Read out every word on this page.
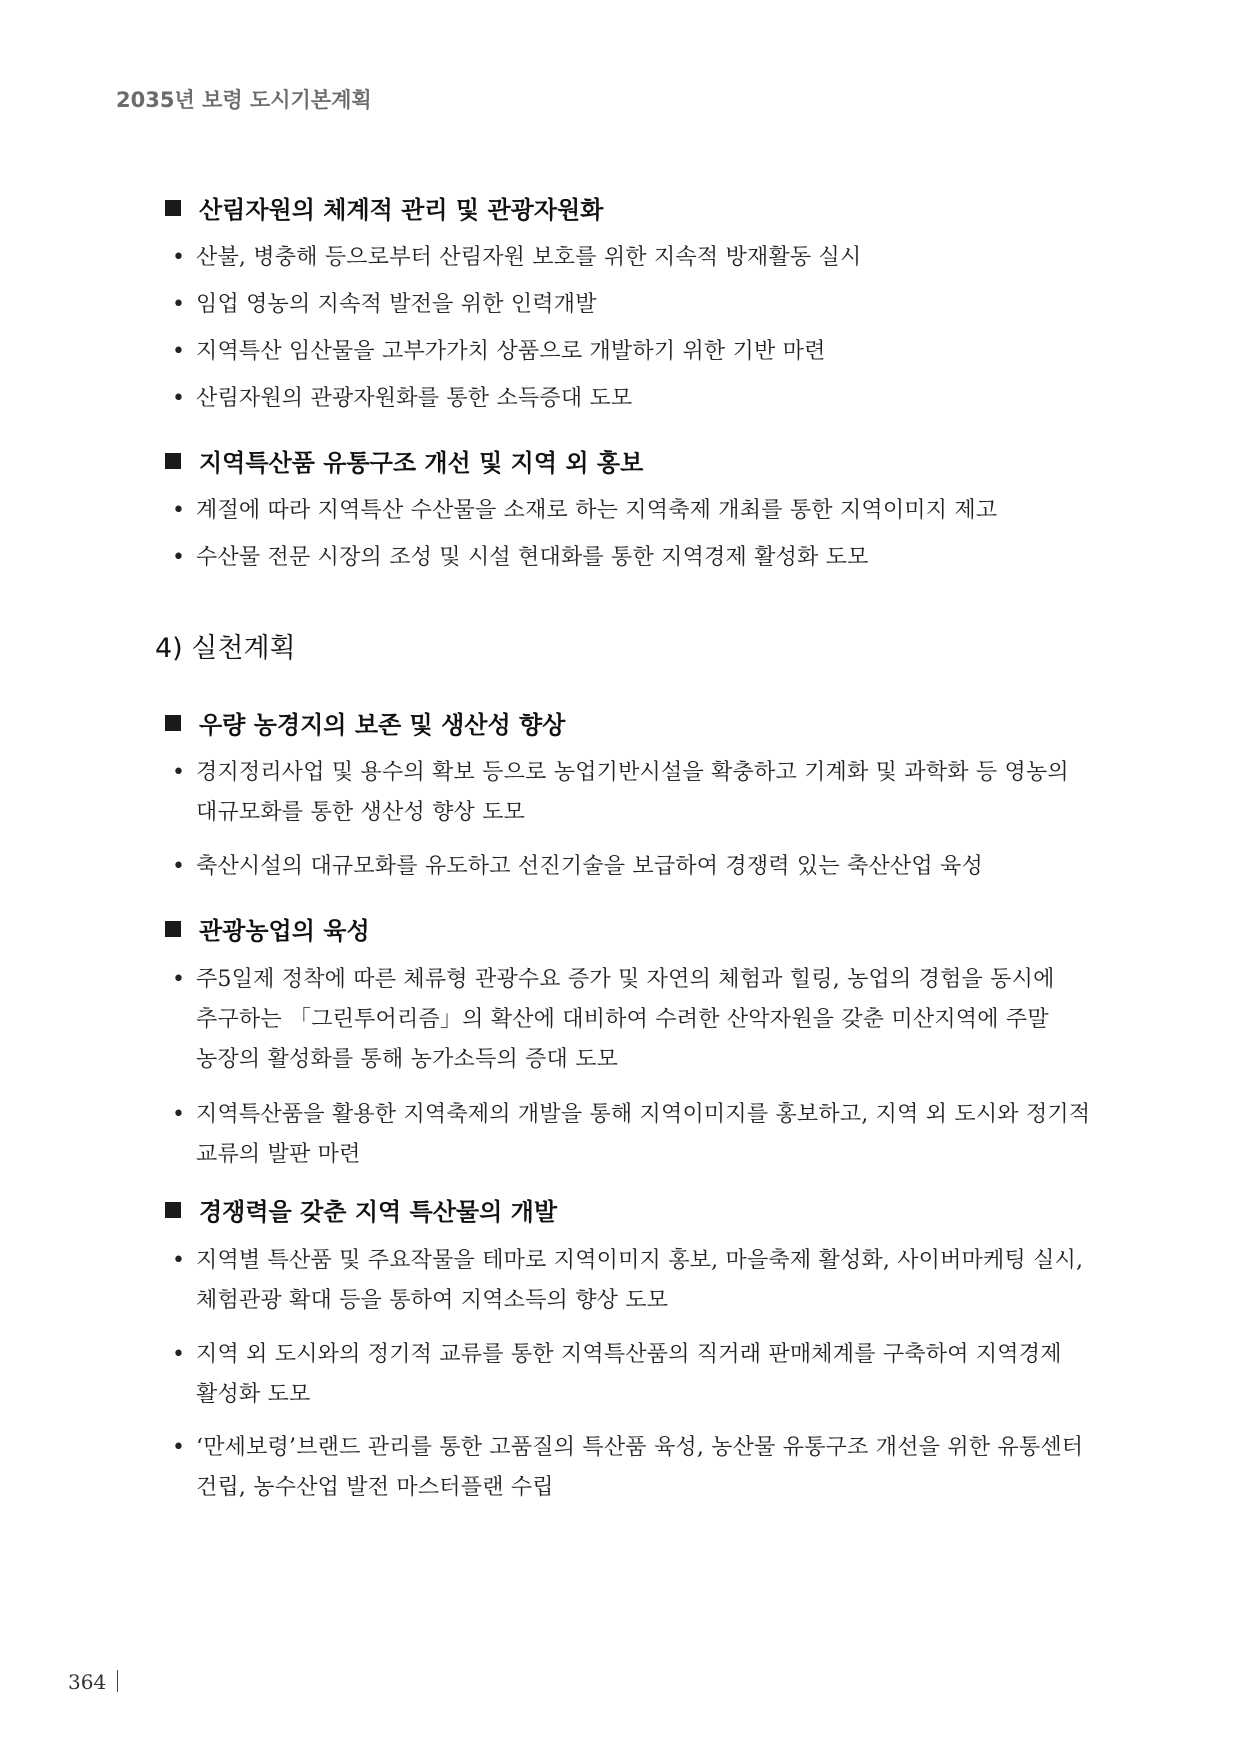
2035년 보령 도시기본계획
산림자원의 체계적 관리 및 관광자원화
• 산불, 병충해 등으로부터 산림자원 보호를 위한 지속적 방재활동 실시
• 임업 영농의 지속적 발전을 위한 인력개발
• 지역특산 임산물을 고부가가치 상품으로 개발하기 위한 기반 마련
• 산림자원의 관광자원화를 통한 소득증대 도모
지역특산품 유통구조 개선 및 지역 외 홍보
• 계절에 따라 지역특산 수산물을 소재로 하는 지역축제 개최를 통한 지역이미지 제고
• 수산물 전문 시장의 조성 및 시설 현대화를 통한 지역경제 활성화 도모
4) 실천계획
우량 농경지의 보존 및 생산성 향상
• 경지정리사업 및 용수의 확보 등으로 농업기반시설을 확충하고 기계화 및 과학화 등 영농의
대규모화를 통한 생산성 향상 도모
• 축산시설의 대규모화를 유도하고 선진기술을 보급하여 경쟁력 있는 축산산업 육성
관광농업의 육성
• 주5일제 정착에 따른 체류형 관광수요 증가 및 자연의 체험과 힐링, 농업의 경험을 동시에
추구하는 「그린투어리즘」의 확산에 대비하여 수려한 산악자원을 갖춘 미산지역에 주말
농장의 활성화를 통해 농가소득의 증대 도모
• 지역특산품을 활용한 지역축제의 개발을 통해 지역이미지를 홍보하고, 지역 외 도시와 정기적
교류의 발판 마련
경쟁력을 갖춘 지역 특산물의 개발
• 지역별 특산품 및 주요작물을 테마로 지역이미지 홍보, 마을축제 활성화, 사이버마케팅 실시,
체험관광 확대 등을 통하여 지역소득의 향상 도모
• 지역 외 도시와의 정기적 교류를 통한 지역특산품의 직거래 판매체계를 구축하여 지역경제
활성화 도모
• ‘만세보령’브랜드 관리를 통한 고품질의 특산품 육성, 농산물 유통구조 개선을 위한 유통센터
건립, 농수산업 발전 마스터플랜 수립
364
